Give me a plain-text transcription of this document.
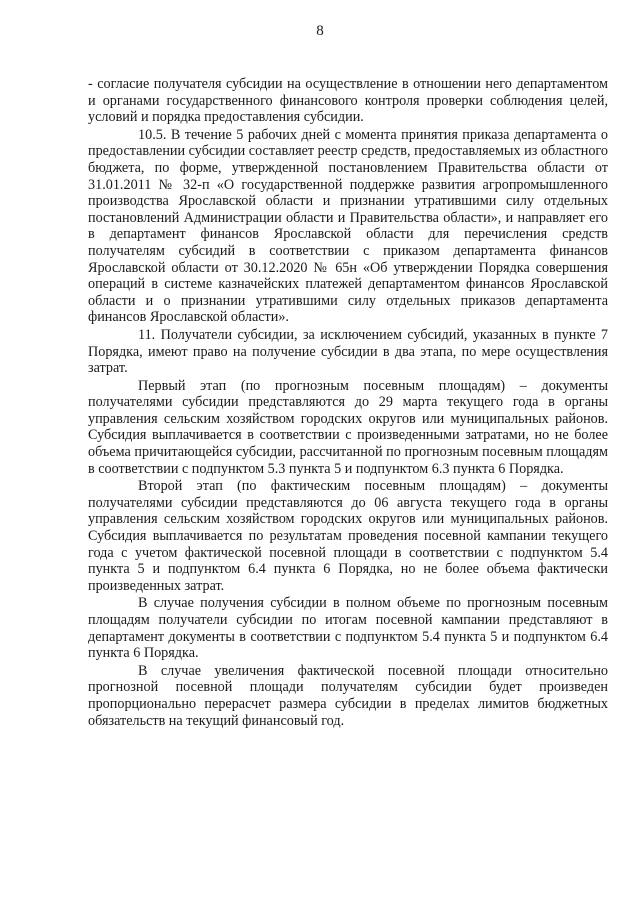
8

- согласие получателя субсидии на осуществление в отношении него департаментом и органами государственного финансового контроля проверки соблюдения целей, условий и порядка предоставления субсидии.

10.5. В течение 5 рабочих дней с момента принятия приказа департамента о предоставлении субсидии составляет реестр средств, предоставляемых из областного бюджета, по форме, утвержденной постановлением Правительства области от 31.01.2011 № 32-п «О государственной поддержке развития агропромышленного производства Ярославской области и признании утратившими силу отдельных постановлений Администрации области и Правительства области», и направляет его в департамент финансов Ярославской области для перечисления средств получателям субсидий в соответствии с приказом департамента финансов Ярославской области от 30.12.2020 № 65н «Об утверждении Порядка совершения операций в системе казначейских платежей департаментом финансов Ярославской области и о признании утратившими силу отдельных приказов департамента финансов Ярославской области».

11. Получатели субсидии, за исключением субсидий, указанных в пункте 7 Порядка, имеют право на получение субсидии в два этапа, по мере осуществления затрат.

Первый этап (по прогнозным посевным площадям) – документы получателями субсидии представляются до 29 марта текущего года в органы управления сельским хозяйством городских округов или муниципальных районов. Субсидия выплачивается в соответствии с произведенными затратами, но не более объема причитающейся субсидии, рассчитанной по прогнозным посевным площадям в соответствии с подпунктом 5.3 пункта 5 и подпунктом 6.3 пункта 6 Порядка.

Второй этап (по фактическим посевным площадям) – документы получателями субсидии представляются до 06 августа текущего года в органы управления сельским хозяйством городских округов или муниципальных районов. Субсидия выплачивается по результатам проведения посевной кампании текущего года с учетом фактической посевной площади в соответствии с подпунктом 5.4 пункта 5 и подпунктом 6.4 пункта 6 Порядка, но не более объема фактически произведенных затрат.

В случае получения субсидии в полном объеме по прогнозным посевным площадям получатели субсидии по итогам посевной кампании представляют в департамент документы в соответствии с подпунктом 5.4 пункта 5 и подпунктом 6.4 пункта 6 Порядка.

В случае увеличения фактической посевной площади относительно прогнозной посевной площади получателям субсидии будет произведен пропорционально перерасчет размера субсидии в пределах лимитов бюджетных обязательств на текущий финансовый год.
